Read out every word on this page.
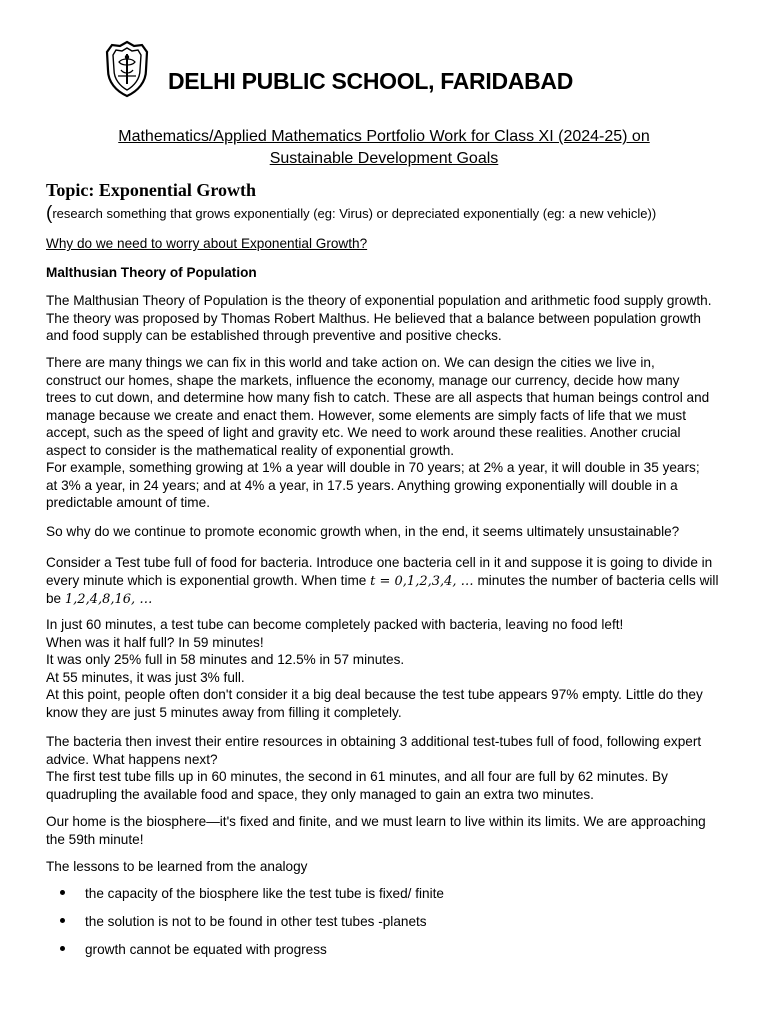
DELHI PUBLIC SCHOOL, FARIDABAD
Mathematics/Applied Mathematics Portfolio Work for Class XI (2024-25) on
Sustainable Development Goals
Topic: Exponential Growth
(research something that grows exponentially (eg: Virus) or depreciated exponentially (eg: a new vehicle))
Why do we need to worry about Exponential Growth?
Malthusian Theory of Population

The Malthusian Theory of Population is the theory of exponential population and arithmetic food supply growth.

The theory was proposed by Thomas Robert Malthus. He believed that a balance between population growth

and food supply can be established through preventive and positive checks.

There are many things we can fix in this world and take action on. We can design the cities we live in,

construct our homes, shape the markets, influence the economy, manage our currency, decide how many

trees to cut down, and determine how many fish to catch. These are all aspects that human beings control and

manage because we create and enact them. However, some elements are simply facts of life that we must

accept, such as the speed of light and gravity etc. We need to work around these realities. Another crucial

aspect to consider is the mathematical reality of exponential growth.

For example, something growing at 1% a year will double in 70 years; at 2% a year, it will double in 35 years;

at 3% a year, in 24 years; and at 4% a year, in 17.5 years. Anything growing exponentially will double in a

predictable amount of time.

So why do we continue to promote economic growth when, in the end, it seems ultimately unsustainable?

Consider a Test tube full of food for bacteria. Introduce one bacteria cell in it and suppose it is going to divide in

every minute which is exponential growth. When time t = 0,1,2,3,4, … minutes the number of bacteria cells will

be 1,2,4,8,16, …

In just 60 minutes, a test tube can become completely packed with bacteria, leaving no food left!

When was it half full? In 59 minutes!

It was only 25% full in 58 minutes and 12.5% in 57 minutes.

At 55 minutes, it was just 3% full.

At this point, people often don't consider it a big deal because the test tube appears 97% empty. Little do they

know they are just 5 minutes away from filling it completely.

The bacteria then invest their entire resources in obtaining 3 additional test-tubes full of food, following expert

advice. What happens next?

The first test tube fills up in 60 minutes, the second in 61 minutes, and all four are full by 62 minutes. By

quadrupling the available food and space, they only managed to gain an extra two minutes.

Our home is the biosphere—it's fixed and finite, and we must learn to live within its limits. We are approaching

the 59th minute!

The lessons to be learned from the analogy
the capacity of the biosphere like the test tube is fixed/ finite
the solution is not to be found in other test tubes -planets
growth cannot be equated with progress
